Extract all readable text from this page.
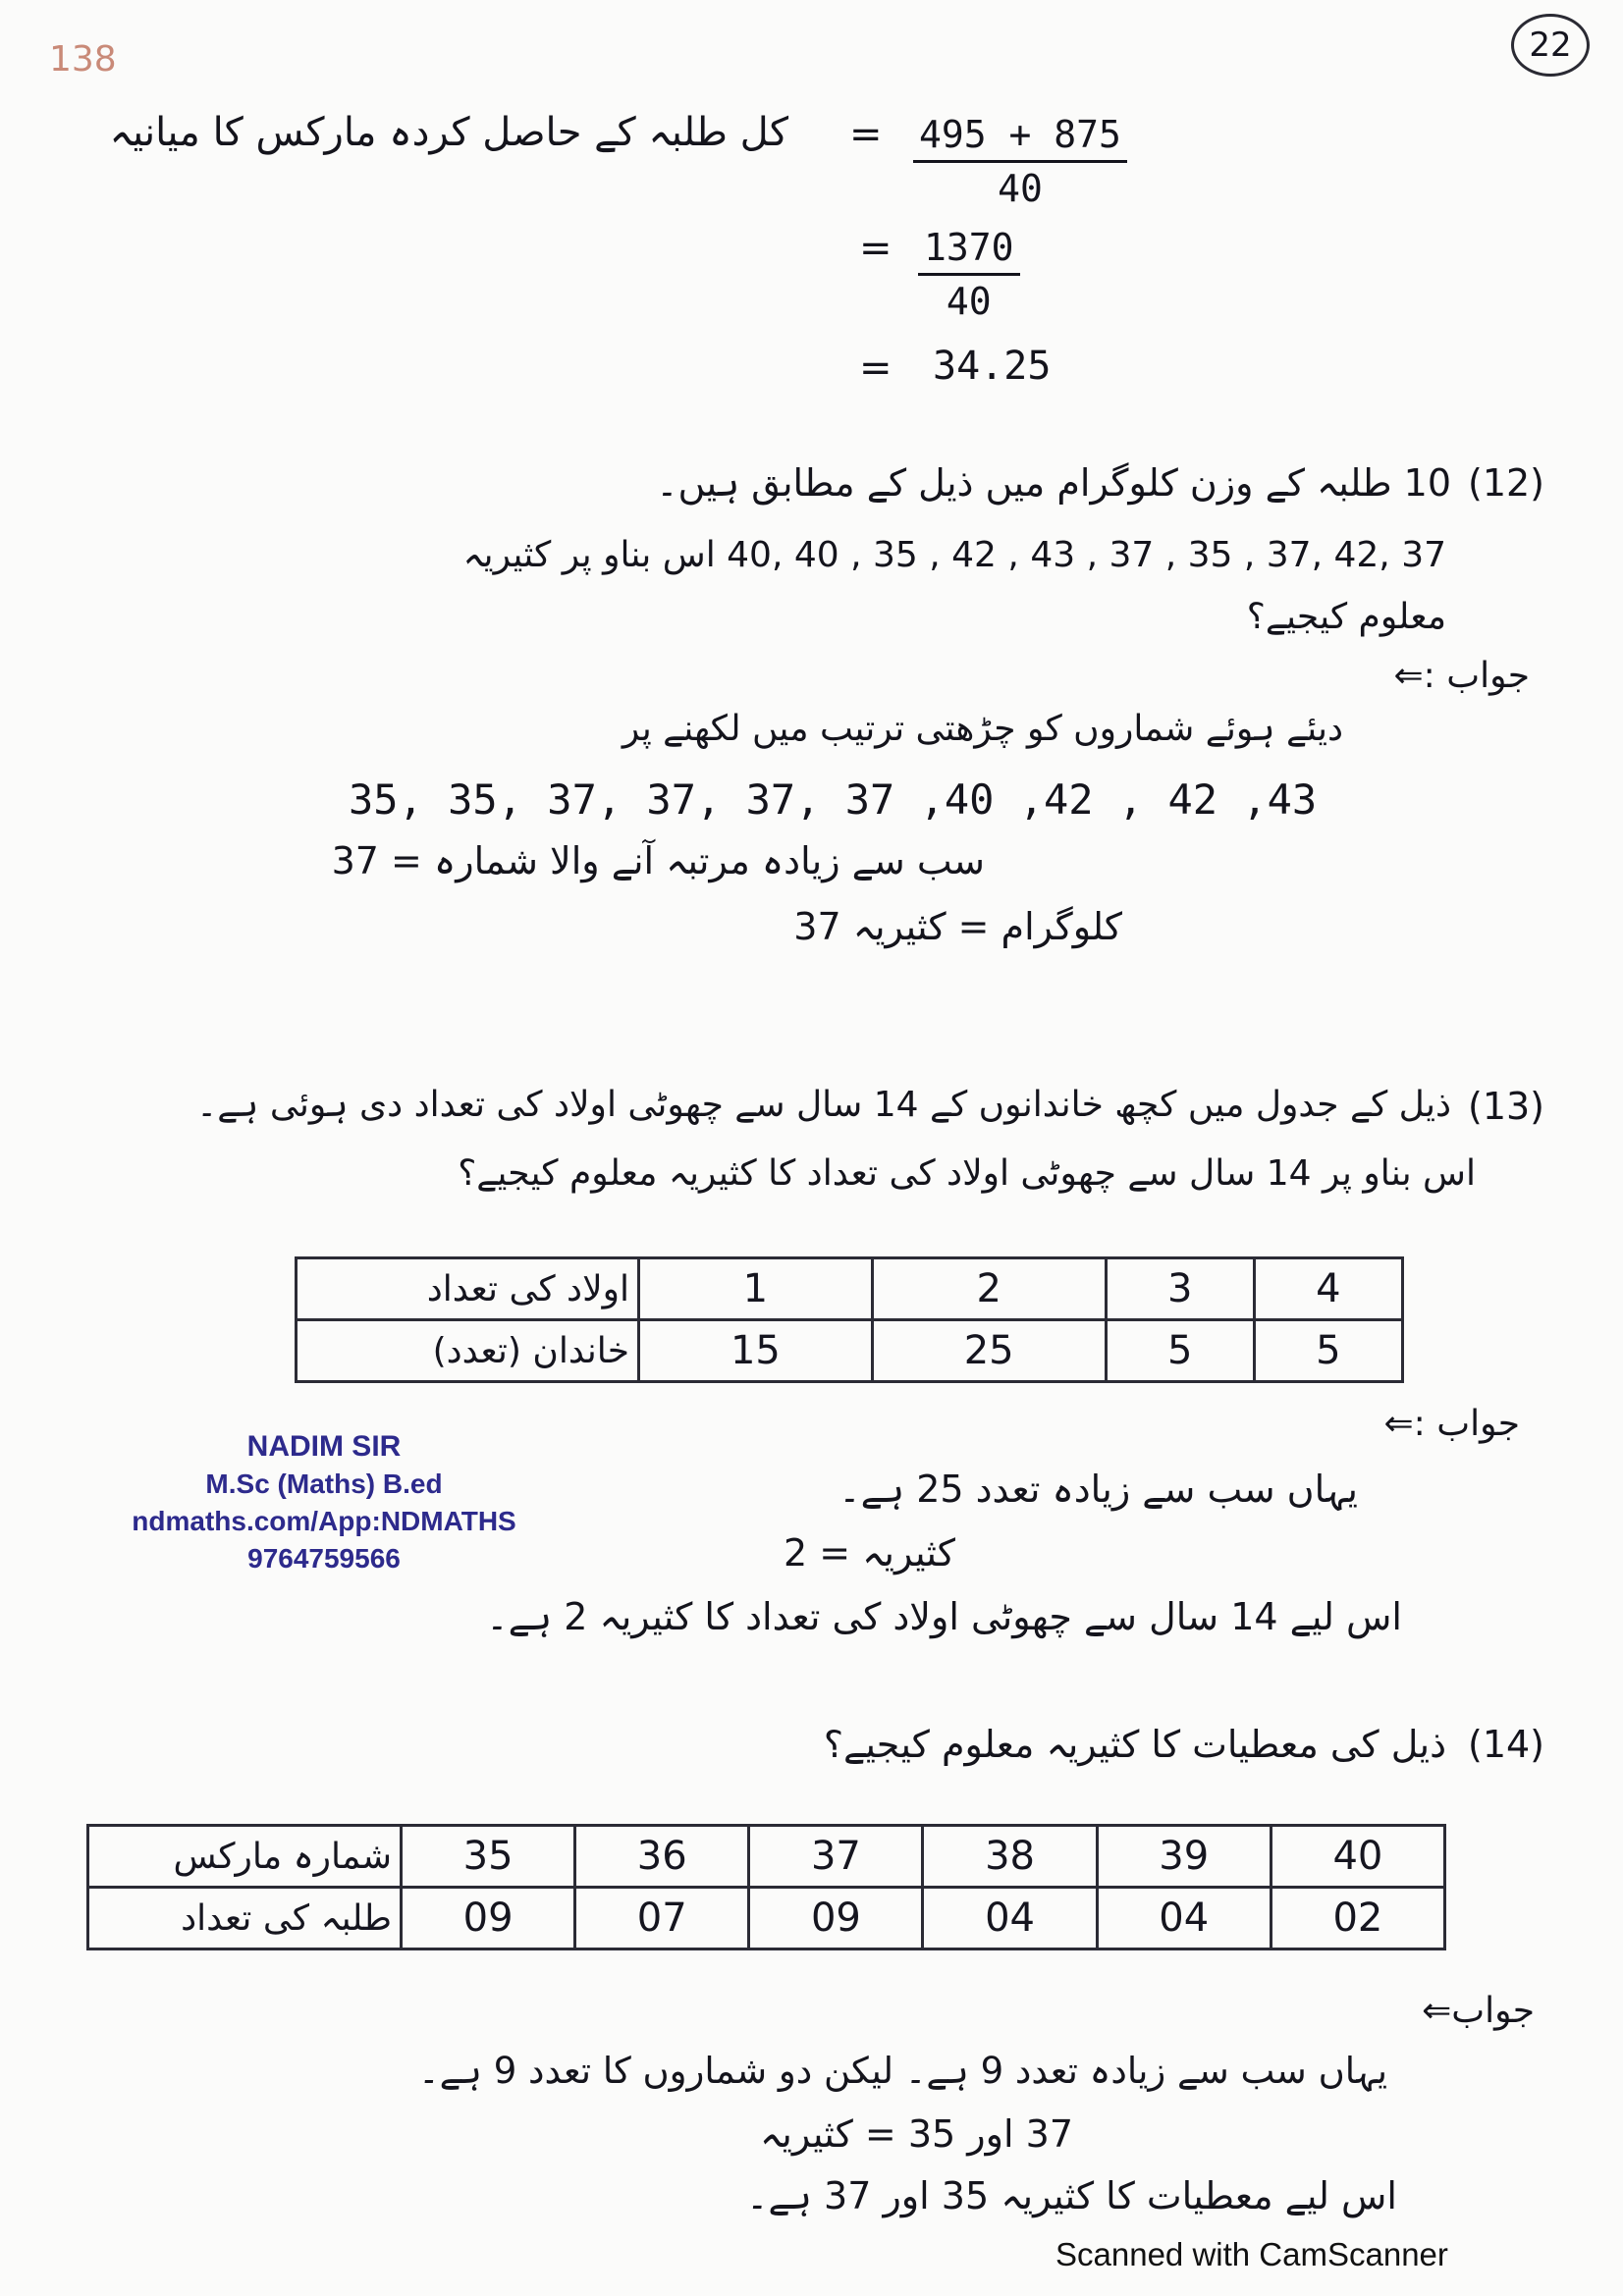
138	22
کل طلبہ کے حاصل کردہ مارکس کا میانیہ = 495 + 875
40
= 1370
40
= 34.25
(12)
10 طلبہ کے وزن کلوگرام میں ذیل کے مطابق ہیں۔
37 ,42 ,37 , 35 , 37 , 43 , 42 , 35 , 40 ,40 اس بناو پر کثیریہ
معلوم کیجیے؟
جواب :⇐
دیئے ہوئے شماروں کو چڑھتی ترتیب میں لکھنے پر
35, 35, 37, 37, 37, 37 ,40 ,42 , 42 ,43
سب سے زیادہ مرتبہ آنے والا شمارہ = 37
کلوگرام = کثیریہ 37
(13)
ذیل کے جدول میں کچھ خاندانوں کے 14 سال سے چھوٹی اولاد کی تعداد دی ہوئی ہے۔
اس بناو پر 14 سال سے چھوٹی اولاد کی تعداد کا کثیریہ معلوم کیجیے؟
اولاد کی تعداد	1	2	3	4
خاندان (تعدد)	15	25	5	5
جواب :⇐
یہاں سب سے زیادہ تعدد 25 ہے۔
کثیریہ = 2
اس لیے 14 سال سے چھوٹی اولاد کی تعداد کا کثیریہ 2 ہے۔
NADIM SIR
M.Sc (Maths) B.ed
ndmaths.com/App:NDMATHS
9764759566
(14)
ذیل کی معطیات کا کثیریہ معلوم کیجیے؟
شمارہ مارکس	35	36	37	38	39	40
طلبہ کی تعداد	09	07	09	04	04	02
جواب⇐
یہاں سب سے زیادہ تعدد 9 ہے۔ لیکن دو شماروں کا تعدد 9 ہے۔
37 اور 35 = کثیریہ
اس لیے معطیات کا کثیریہ 35 اور 37 ہے۔
Scanned with CamScanner
